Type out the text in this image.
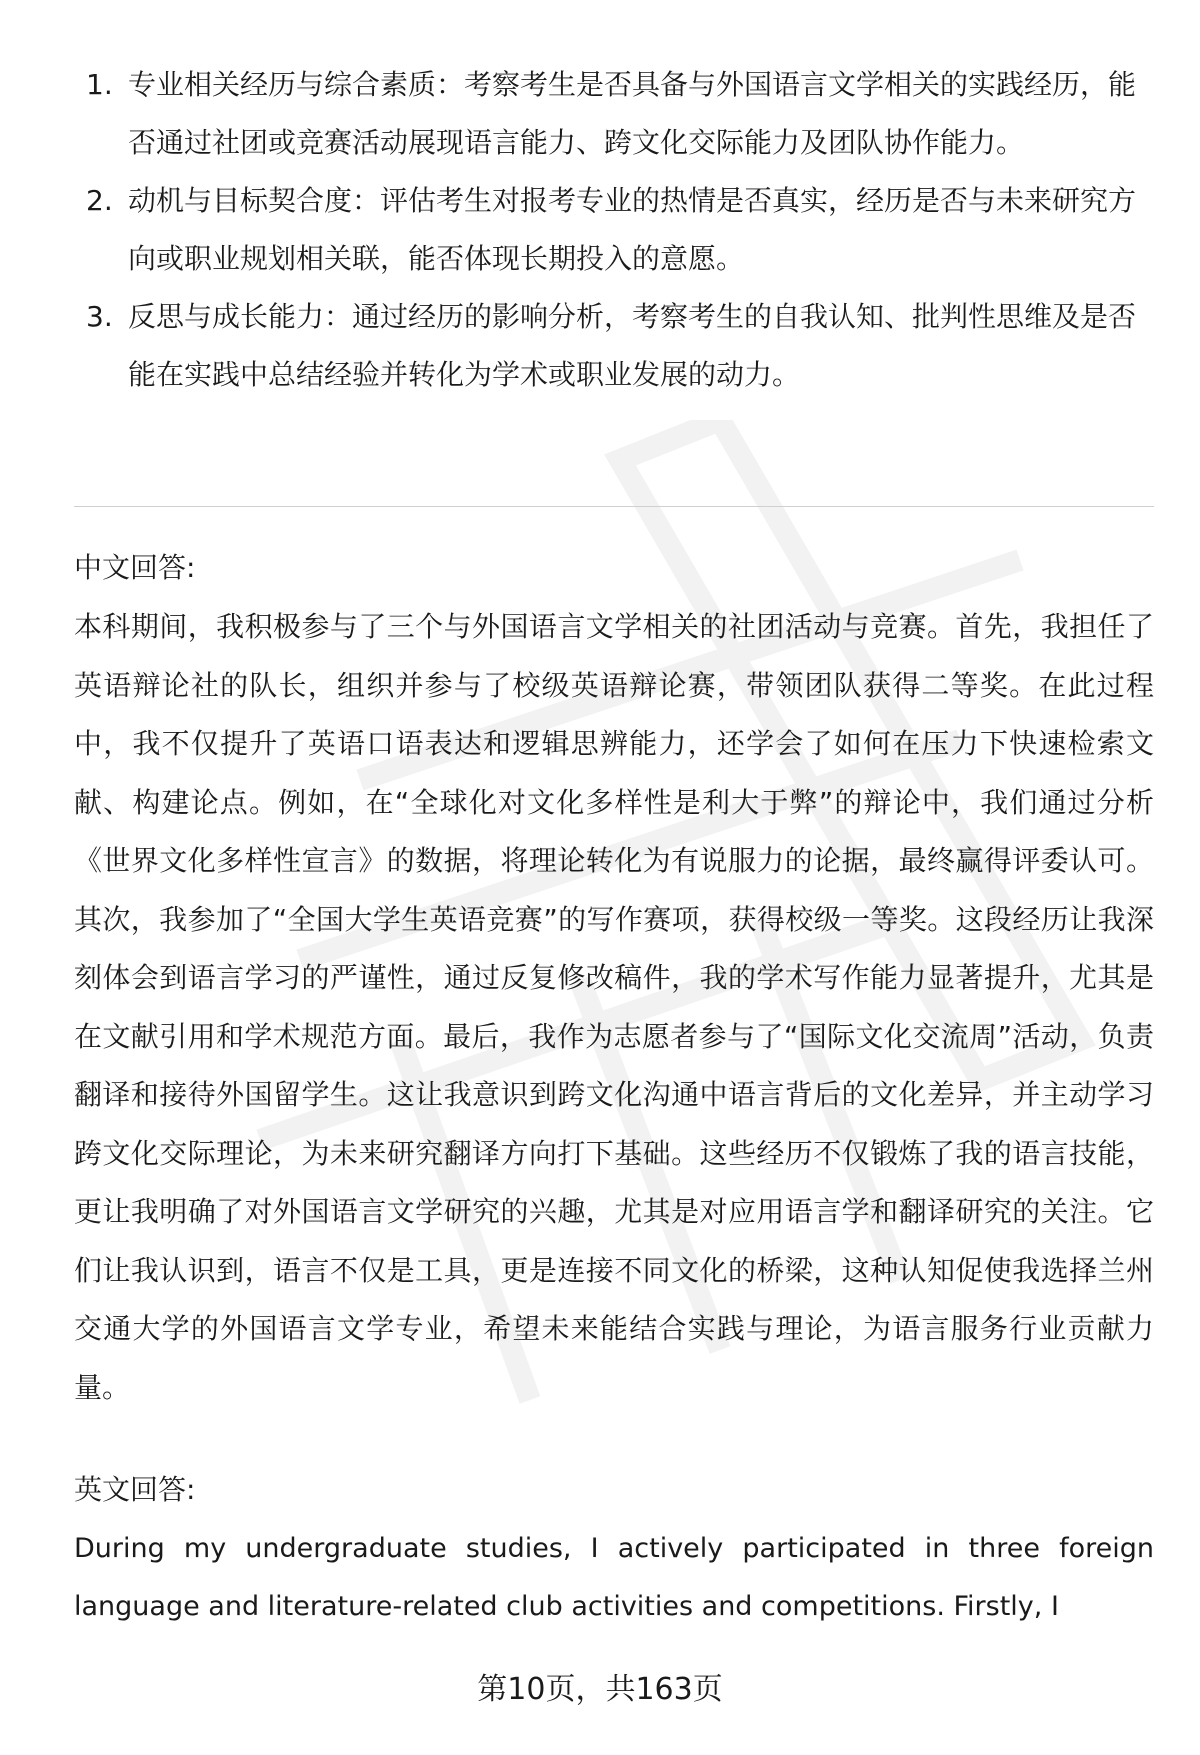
1. 专业相关经历与综合素质：考察考生是否具备与外国语言文学相关的实践经历，能否通过社团或竞赛活动展现语言能力、跨文化交际能力及团队协作能力。
2. 动机与目标契合度：评估考生对报考专业的热情是否真实，经历是否与未来研究方向或职业规划相关联，能否体现长期投入的意愿。
3. 反思与成长能力：通过经历的影响分析，考察考生的自我认知、批判性思维及是否能在实践中总结经验并转化为学术或职业发展的动力。
中文回答:

本科期间，我积极参与了三个与外国语言文学相关的社团活动与竞赛。首先，我担任了英语辩论社的队长，组织并参与了校级英语辩论赛，带领团队获得二等奖。在此过程中，我不仅提升了英语口语表达和逻辑思辨能力，还学会了如何在压力下快速检索文献、构建论点。例如，在“全球化对文化多样性是利大于弊”的辩论中，我们通过分析《世界文化多样性宣言》的数据，将理论转化为有说服力的论据，最终赢得评委认可。其次，我参加了“全国大学生英语竞赛”的写作赛项，获得校级一等奖。这段经历让我深刻体会到语言学习的严谨性，通过反复修改稿件，我的学术写作能力显著提升，尤其是在文献引用和学术规范方面。最后，我作为志愿者参与了“国际文化交流周”活动，负责翻译和接待外国留学生。这让我意识到跨文化沟通中语言背后的文化差异，并主动学习跨文化交际理论，为未来研究翻译方向打下基础。这些经历不仅锻炼了我的语言技能，更让我明确了对外国语言文学研究的兴趣，尤其是对应用语言学和翻译研究的关注。它们让我认识到，语言不仅是工具，更是连接不同文化的桥梁，这种认知促使我选择兰州交通大学的外国语言文学专业，希望未来能结合实践与理论，为语言服务行业贡献力量。

英文回答:

During my undergraduate studies, I actively participated in three foreign language and literature-related club activities and competitions. Firstly, I

第10页，共163页
